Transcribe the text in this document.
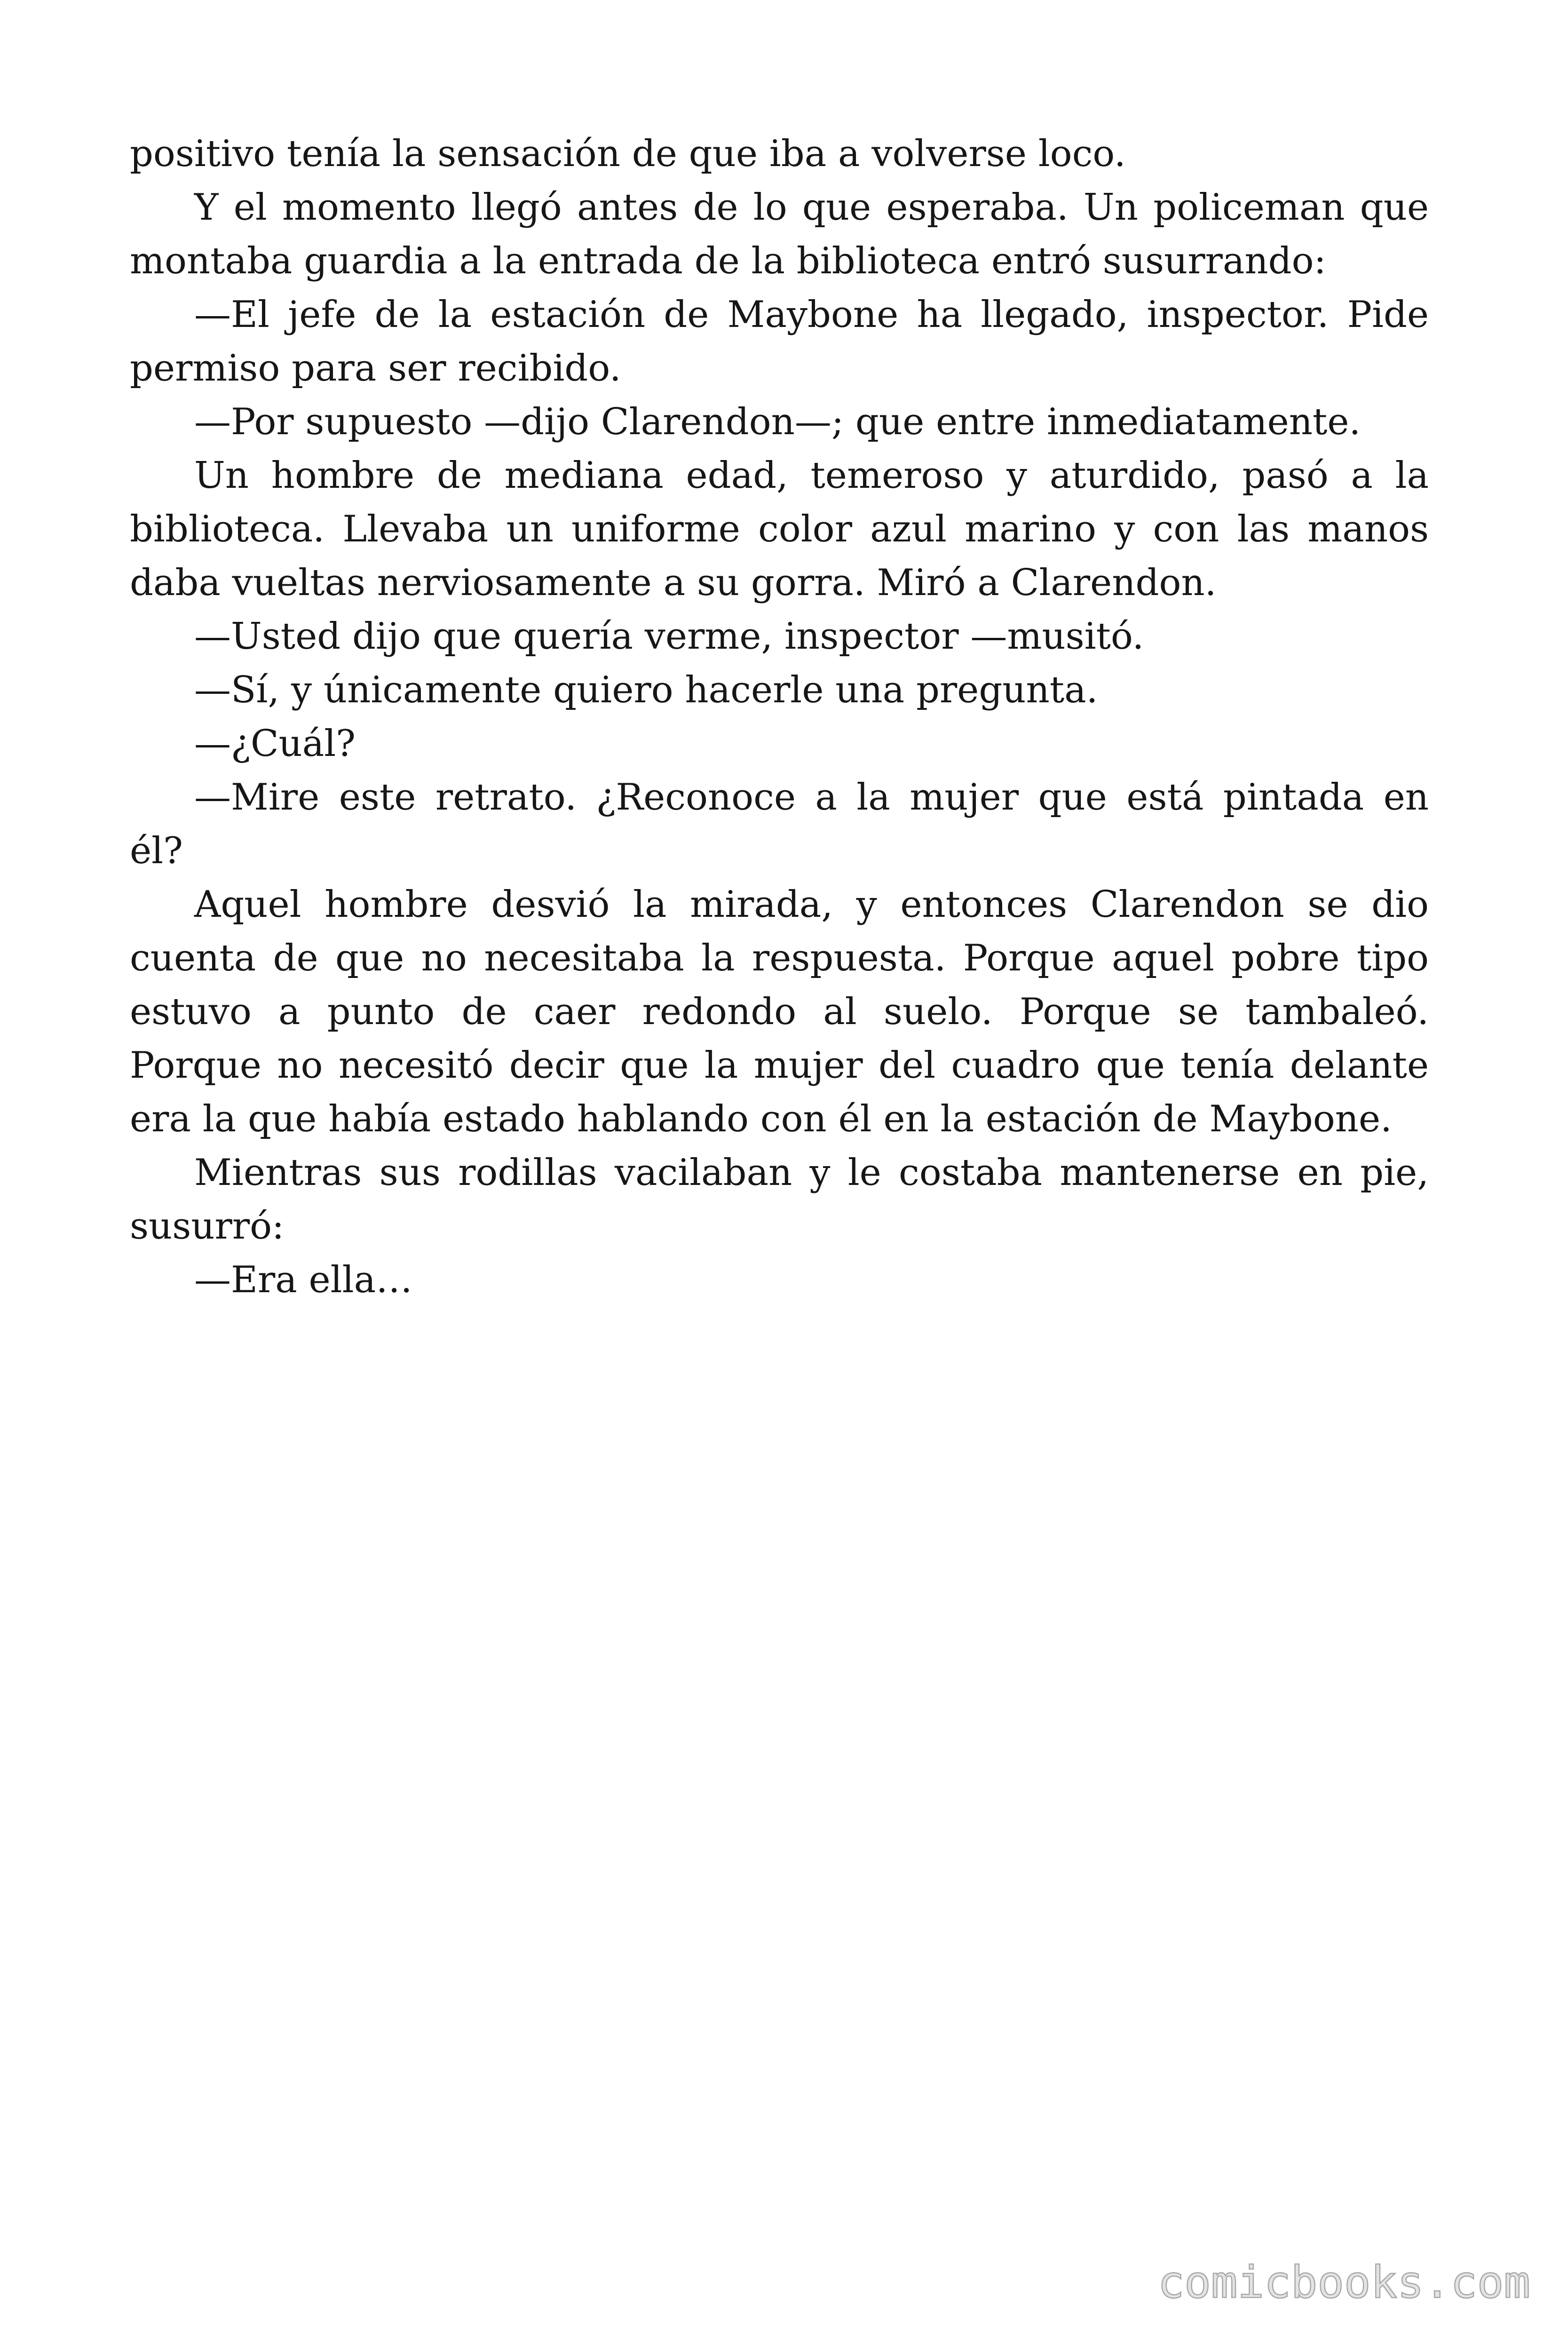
positivo tenía la sensación de que iba a volverse loco.
Y el momento llegó antes de lo que esperaba. Un policeman que
montaba guardia a la entrada de la biblioteca entró susurrando:
—El jefe de la estación de Maybone ha llegado, inspector. Pide
permiso para ser recibido.
—Por supuesto —dijo Clarendon—; que entre inmediatamente.
Un hombre de mediana edad, temeroso y aturdido, pasó a la
biblioteca. Llevaba un uniforme color azul marino y con las manos
daba vueltas nerviosamente a su gorra. Miró a Clarendon.
—Usted dijo que quería verme, inspector —musitó.
—Sí, y únicamente quiero hacerle una pregunta.
—¿Cuál?
—Mire este retrato. ¿Reconoce a la mujer que está pintada en
él?
Aquel hombre desvió la mirada, y entonces Clarendon se dio
cuenta de que no necesitaba la respuesta. Porque aquel pobre tipo
estuvo a punto de caer redondo al suelo. Porque se tambaleó.
Porque no necesitó decir que la mujer del cuadro que tenía delante
era la que había estado hablando con él en la estación de Maybone.
Mientras sus rodillas vacilaban y le costaba mantenerse en pie,
susurró:
—Era ella…
comicbooks.com
